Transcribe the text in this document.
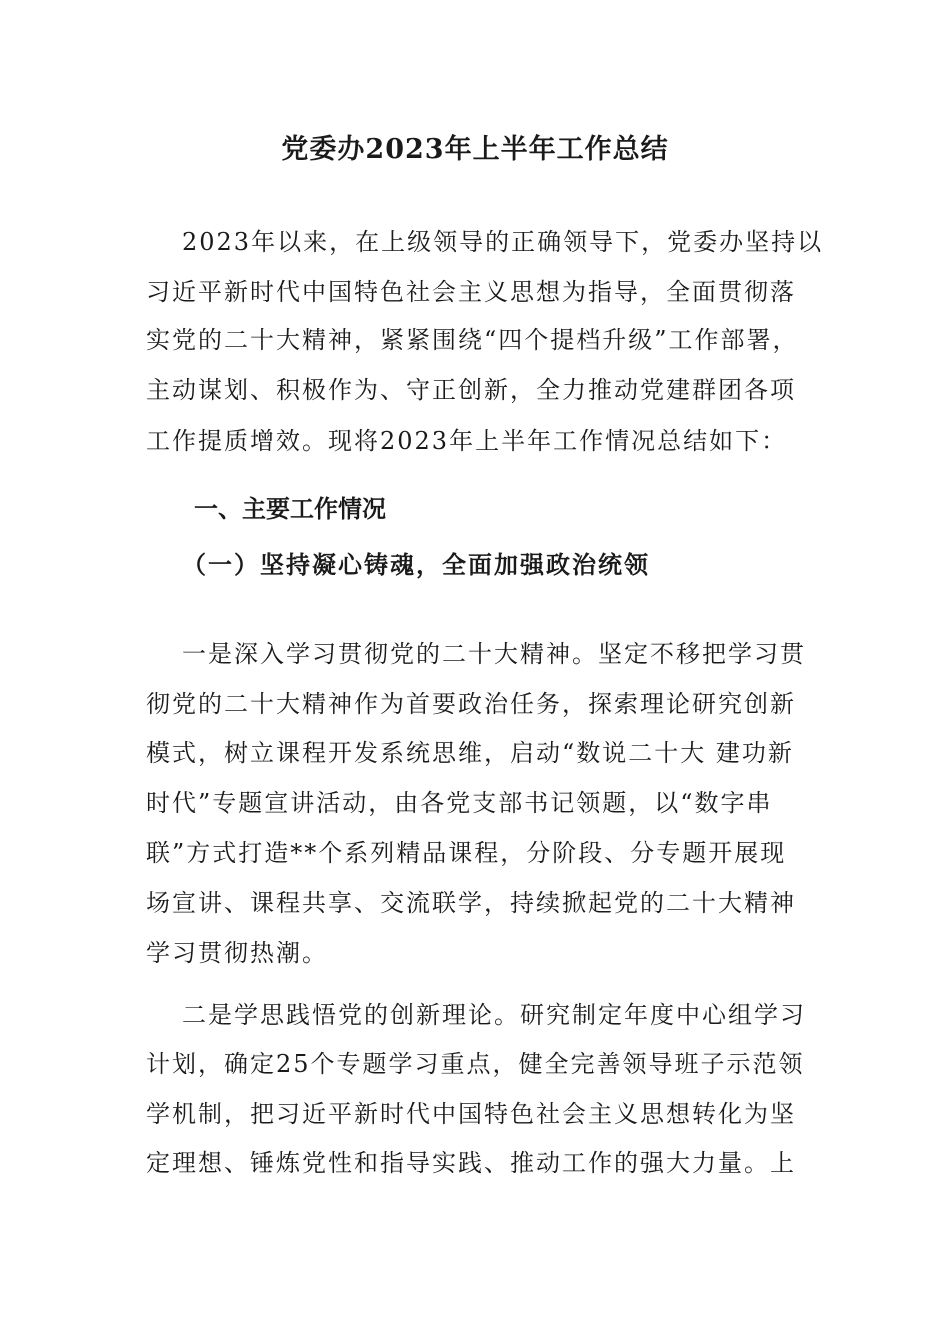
党委办2023年上半年工作总结

2023年以来，在上级领导的正确领导下，党委办坚持以

习近平新时代中国特色社会主义思想为指导，全面贯彻落

实党的二十大精神，紧紧围绕“四个提档升级”工作部署，

主动谋划、积极作为、守正创新，全力推动党建群团各项

工作提质增效。现将2023年上半年工作情况总结如下：

一、主要工作情况
（一）坚持凝心铸魂，全面加强政治统领

一是深入学习贯彻党的二十大精神。坚定不移把学习贯

彻党的二十大精神作为首要政治任务，探索理论研究创新

模式，树立课程开发系统思维，启动“数说二十大 建功新

时代”专题宣讲活动，由各党支部书记领题，以“数字串

联”方式打造**个系列精品课程，分阶段、分专题开展现

场宣讲、课程共享、交流联学，持续掀起党的二十大精神

学习贯彻热潮。

二是学思践悟党的创新理论。研究制定年度中心组学习

计划，确定25个专题学习重点，健全完善领导班子示范领

学机制，把习近平新时代中国特色社会主义思想转化为坚

定理想、锤炼党性和指导实践、推动工作的强大力量。上
